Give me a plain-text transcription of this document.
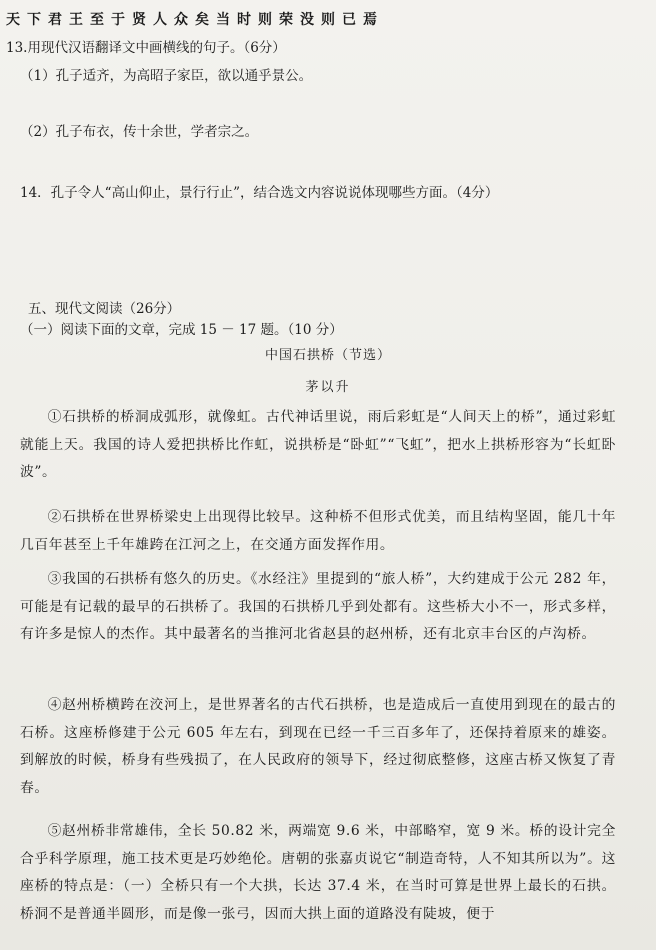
天下君王至于贤人众矣当时则荣没则已焉
13.用现代汉语翻译文中画横线的句子。（6分）
（1）孔子适齐，为高昭子家臣，欲以通乎景公。
（2）孔子布衣，传十余世，学者宗之。
14．孔子令人“高山仰止，景行行止”，结合选文内容说说体现哪些方面。（4分）
五、现代文阅读（26分）
（一）阅读下面的文章，完成 15 － 17 题。（10 分）
中国石拱桥（节选）
茅以升
①石拱桥的桥洞成弧形，就像虹。古代神话里说，雨后彩虹是“人间天上的桥”，通过彩虹就能上天。我国的诗人爱把拱桥比作虹，说拱桥是“卧虹”“飞虹”，把水上拱桥形容为“长虹卧波”。
②石拱桥在世界桥梁史上出现得比较早。这种桥不但形式优美，而且结构坚固，能几十年几百年甚至上千年雄跨在江河之上，在交通方面发挥作用。
③我国的石拱桥有悠久的历史。《水经注》里提到的“旅人桥”，大约建成于公元 282 年，可能是有记载的最早的石拱桥了。我国的石拱桥几乎到处都有。这些桥大小不一，形式多样，有许多是惊人的杰作。其中最著名的当推河北省赵县的赵州桥，还有北京丰台区的卢沟桥。
④赵州桥横跨在洨河上，是世界著名的古代石拱桥，也是造成后一直使用到现在的最古的石桥。这座桥修建于公元 605 年左右，到现在已经一千三百多年了，还保持着原来的雄姿。到解放的时候，桥身有些残损了，在人民政府的领导下，经过彻底整修，这座古桥又恢复了青春。
⑤赵州桥非常雄伟，全长 50.82 米，两端宽 9.6 米，中部略窄，宽 9 米。桥的设计完全合乎科学原理，施工技术更是巧妙绝伦。唐朝的张嘉贞说它“制造奇特，人不知其所以为”。这座桥的特点是：（一）全桥只有一个大拱，长达 37.4 米，在当时可算是世界上最长的石拱。桥洞不是普通半圆形，而是像一张弓，因而大拱上面的道路没有陡坡，便于
